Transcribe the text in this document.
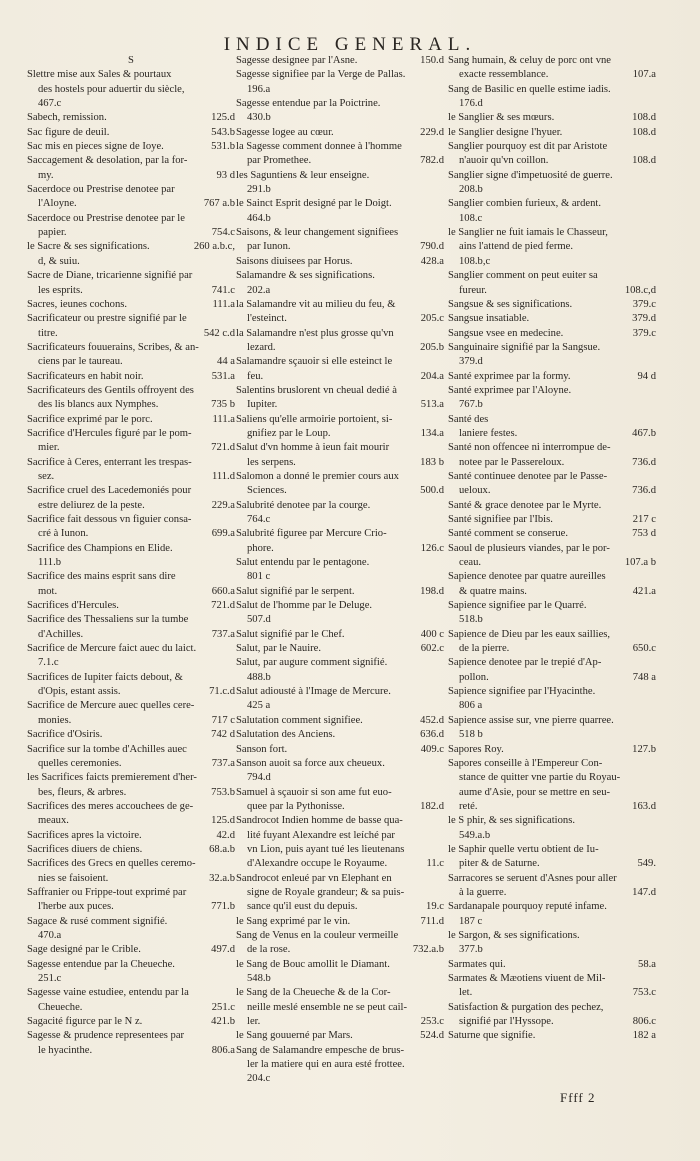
INDICE GENERAL.
S
Slettre mise aux Sales & pourtaux
des hostels pour aduertir du siècle,
467.c
Sabech, remission.	125.d
Sac figure de deuil.	543.b
Sac mis en pieces signe de Ioye.	531.b
Saccagement & desolation, par la for-
my.	93 d
Sacerdoce ou Prestrise denotee par
l'Aloyne.	767 a.b
Sacerdoce ou Prestrise denotee par le
papier.	754.c
le Sacre & ses significations.	260 a.b.c,
d, & suiu.
Sacre de Diane, tricarienne signifié par
les esprits.	741.c
Sacres, ieunes cochons.	111.a
Sacrificateur ou prestre signifié par le
titre.	542 c.d
Sacrificateurs fouuerains, Scribes, & an-
ciens par le taureau.	44 a
Sacrificateurs en habit noir.	531.a
Sacrificateurs des Gentils offroyent des
des lis blancs aux Nymphes.	735 b
Sacrifice exprimé par le porc.	111.a
Sacrifice d'Hercules figuré par le pom-
mier.	721.d
Sacrifice à Ceres, enterrant les trespas-
sez.	111.d
Sacrifice cruel des Lacedemoniés pour
estre deliurez de la peste.	229.a
Sacrifice fait dessous vn figuier consa-
cré à Iunon.	699.a
Sacrifice des Champions en Elide.
111.b
Sacrifice des mains esprit sans dire
mot.	660.a
Sacrifices d'Hercules.	721.d
Sacrifice des Thessaliens sur la tumbe
d'Achilles.	737.a
Sacrifice de Mercure faict auec du laict.
7.1.c
Sacrifices de Iupiter faicts debout, &
d'Opis, estant assis.	71.c.d
Sacrifice de Mercure auec quelles cere-
monies.	717 c
Sacrifice d'Osiris.	742 d
Sacrifice sur la tombe d'Achilles auec
quelles ceremonies.	737.a
les Sacrifices faicts premierement d'her-
bes, fleurs, & arbres.	753.b
Sacrifices des meres accouchees de ge-
meaux.	125.d
Sacrifices apres la victoire.	42.d
Sacrifices diuers de chiens.	68.a.b
Sacrifices des Grecs en quelles ceremo-
nies se faisoient.	32.a.b
Saffranier ou Frippe-tout exprimé par
l'herbe aux puces.	771.b
Sagace & rusé comment signifié.
470.a
Sage designé par le Crible.	497.d
Sagesse entendue par la Cheueche.
251.c
Sagesse vaine estudiee, entendu par la
Cheueche.	251.c
Sagacité figurce par le N z.	421.b
Sagesse & prudence representees par
le hyacinthe.	806.a
Sagesse designee par l'Asne.	150.d
Sagesse signifiee par la Verge de Pallas.
196.a
Sagesse entendue par la Poictrine.
430.b
Sagesse logee au cœur.	229.d
la Sagesse comment donnee à l'homme
par Promethee.	782.d
les Saguntiens & leur enseigne.
291.b
le Sainct Esprit designé par le Doigt.
464.b
Saisons, & leur changement signifiees
par Iunon.	790.d
Saisons diuisees par Horus.	428.a
Salamandre & ses significations.
202.a
la Salamandre vit au milieu du feu, &
l'esteinct.	205.c
la Salamandre n'est plus grosse qu'vn
lezard.	205.b
Salamandre sçauoir si elle esteinct le
feu.	204.a
Salentins bruslorent vn cheual dedié à
Iupiter.	513.a
Saliens qu'elle armoirie portoient, si-
gnifiez par le Loup.	134.a
Salut d'vn homme à ieun fait mourir
les serpens.	183 b
Salomon a donné le premier cours aux
Sciences.	500.d
Salubrité denotee par la courge.
764.c
Salubrité figuree par Mercure Crio-
phore.	126.c
Salut entendu par le pentagone.
801 c
Salut signifié par le serpent.	198.d
Salut de l'homme par le Deluge.
507.d
Salut signifié par le Chef.	400 c
Salut, par le Nauire.	602.c
Salut, par augure comment signifié.
488.b
Salut adiousté à l'Image de Mercure.
425 a
Salutation comment signifiee.	452.d
Salutation des Anciens.	636.d
Sanson fort.	409.c
Sanson auoit sa force aux cheueux.
794.d
Samuel à sçauoir si son ame fut euo-
quee par la Pythonisse.	182.d
Sandrocot Indien homme de basse qua-
lité fuyant Alexandre est leíché par
vn Lion, puis ayant tué les lieutenans
d'Alexandre occupe le Royaume.	11.c
Sandrocot enleué par vn Elephant en
signe de Royale grandeur; & sa puis-
sance qu'il eust du depuis.	19.c
le Sang exprimé par le vin.	711.d
Sang de Venus en la couleur vermeille
de la rose.	732.a.b
le Sang de Bouc amollit le Diamant.
548.b
le Sang de la Cheueche & de la Cor-
neille meslé ensemble ne se peut cail-
ler.	253.c
le Sang gouuerné par Mars.	524.d
Sang de Salamandre empesche de brus-
ler la matiere qui en aura esté frottee.
204.c
Sang humain, & celuy de porc ont vne
exacte ressemblance.	107.a
Sang de Basilic en quelle estime iadis.
176.d
le Sanglier & ses mœurs.	108.d
le Sanglier designe l'hyuer.	108.d
Sanglier pourquoy est dit par Aristote
n'auoir qu'vn coillon.	108.d
Sanglier signe d'impetuosité de guerre.
208.b
Sanglier combien furieux, & ardent.
108.c
le Sanglier ne fuit iamais le Chasseur,
ains l'attend de pied ferme.
108.b,c
Sanglier comment on peut euiter sa
fureur.	108.c,d
Sangsue & ses significations.	379.c
Sangsue insatiable.	379.d
Sangsue vsee en medecine.	379.c
Sanguinaire signifié par la Sangsue.
379.d
Santé exprimee par la formy.	94 d
Santé exprimee par l'Aloyne.
767.b
Santé des
laniere festes.	467.b
Santé non offencee ni interrompue de-
notee par le Passereloux.	736.d
Santé continuee denotee par le Passe-
ueloux.	736.d
Santé & grace denotee par le Myrte.
Santé signifiee par l'Ibis.	217 c
Santé comment se conserue.	753 d
Saoul de plusieurs viandes, par le por-
ceau.	107.a b
Sapience denotee par quatre aureilles
& quatre mains.	421.a
Sapience signifiee par le Quarré.
518.b
Sapience de Dieu par les eaux saillies,
de la pierre.	650.c
Sapience denotee par le trepié d'Ap-
pollon.	748 a
Sapience signifiee par l'Hyacinthe.
806 a
Sapience assise sur, vne pierre quarree.
518 b
Sapores Roy.	127.b
Sapores conseille à l'Empereur Con-
stance de quitter vne partie du Royau-
aume d'Asie, pour se mettre en seu-
reté.	163.d
le S phir, & ses significations.
549.a.b
le Saphir quelle vertu obtient de Iu-
piter & de Saturne.	549.
Sarracores se seruent d'Asnes pour aller
à la guerre.	147.d
Sardanapale pourquoy reputé infame.
187 c
le Sargon, & ses significations.
377.b
Sarmates qui.	58.a
Sarmates & Mæotiens viuent de Mil-
let.	753.c
Satisfaction & purgation des pechez,
signifié par l'Hyssope.	806.c
Saturne que signifie.	182 a
Ffff 2
